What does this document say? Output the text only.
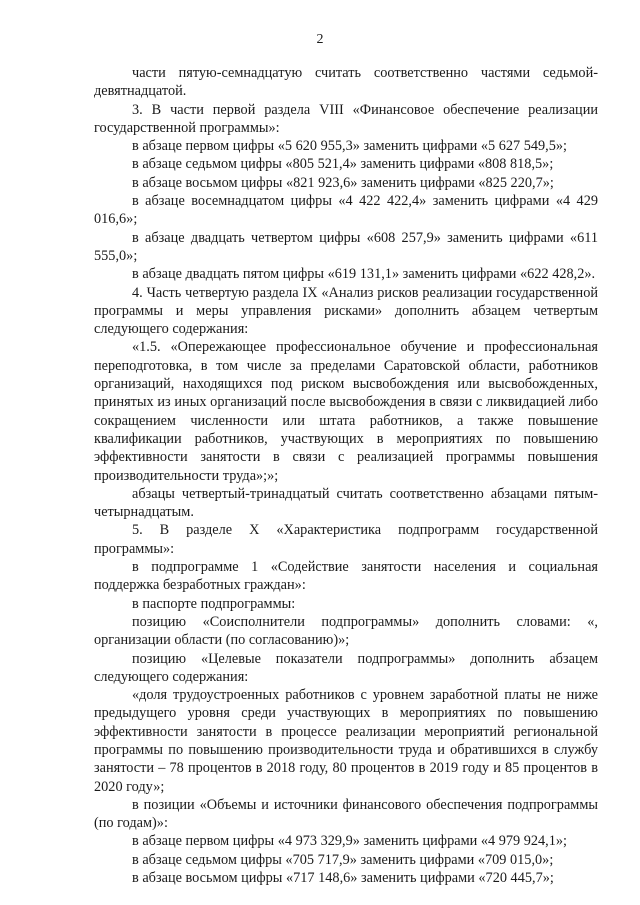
2

части пятую-семнадцатую считать соответственно частями седьмой-девятнадцатой.

3. В части первой раздела VIII «Финансовое обеспечение реализации государственной программы»:

в абзаце первом цифры «5 620 955,3» заменить цифрами «5 627 549,5»;

в абзаце седьмом цифры «805 521,4» заменить цифрами «808 818,5»;

в абзаце восьмом цифры «821 923,6» заменить цифрами «825 220,7»;

в абзаце восемнадцатом цифры «4 422 422,4» заменить цифрами «4 429 016,6»;

в абзаце двадцать четвертом цифры «608 257,9» заменить цифрами «611 555,0»;

в абзаце двадцать пятом цифры «619 131,1» заменить цифрами «622 428,2».

4. Часть четвертую раздела IX «Анализ рисков реализации государственной программы и меры управления рисками» дополнить абзацем четвертым следующего содержания:

«1.5. «Опережающее профессиональное обучение и профессиональная переподготовка, в том числе за пределами Саратовской области, работников организаций, находящихся под риском высвобождения или высвобожденных, принятых из иных организаций после высвобождения в связи с ликвидацией либо сокращением численности или штата работников, а также повышение квалификации работников, участвующих в мероприятиях по повышению эффективности занятости в связи с реализацией программы повышения производительности труда»;»;

абзацы четвертый-тринадцатый считать соответственно абзацами пятым-четырнадцатым.

5. В разделе X «Характеристика подпрограмм государственной программы»:

в подпрограмме 1 «Содействие занятости населения и социальная поддержка безработных граждан»:

в паспорте подпрограммы:

позицию «Соисполнители подпрограммы» дополнить словами: «, организации области (по согласованию)»;

позицию «Целевые показатели подпрограммы» дополнить абзацем следующего содержания:

«доля трудоустроенных работников с уровнем заработной платы не ниже предыдущего уровня среди участвующих в мероприятиях по повышению эффективности занятости в процессе реализации мероприятий региональной программы по повышению производительности труда и обратившихся в службу занятости – 78 процентов в 2018 году, 80 процентов в 2019 году и 85 процентов в 2020 году»;

в позиции «Объемы и источники финансового обеспечения подпрограммы (по годам)»:

в абзаце первом цифры «4 973 329,9» заменить цифрами «4 979 924,1»;

в абзаце седьмом цифры «705 717,9» заменить цифрами «709 015,0»;

в абзаце восьмом цифры «717 148,6» заменить цифрами «720 445,7»;
